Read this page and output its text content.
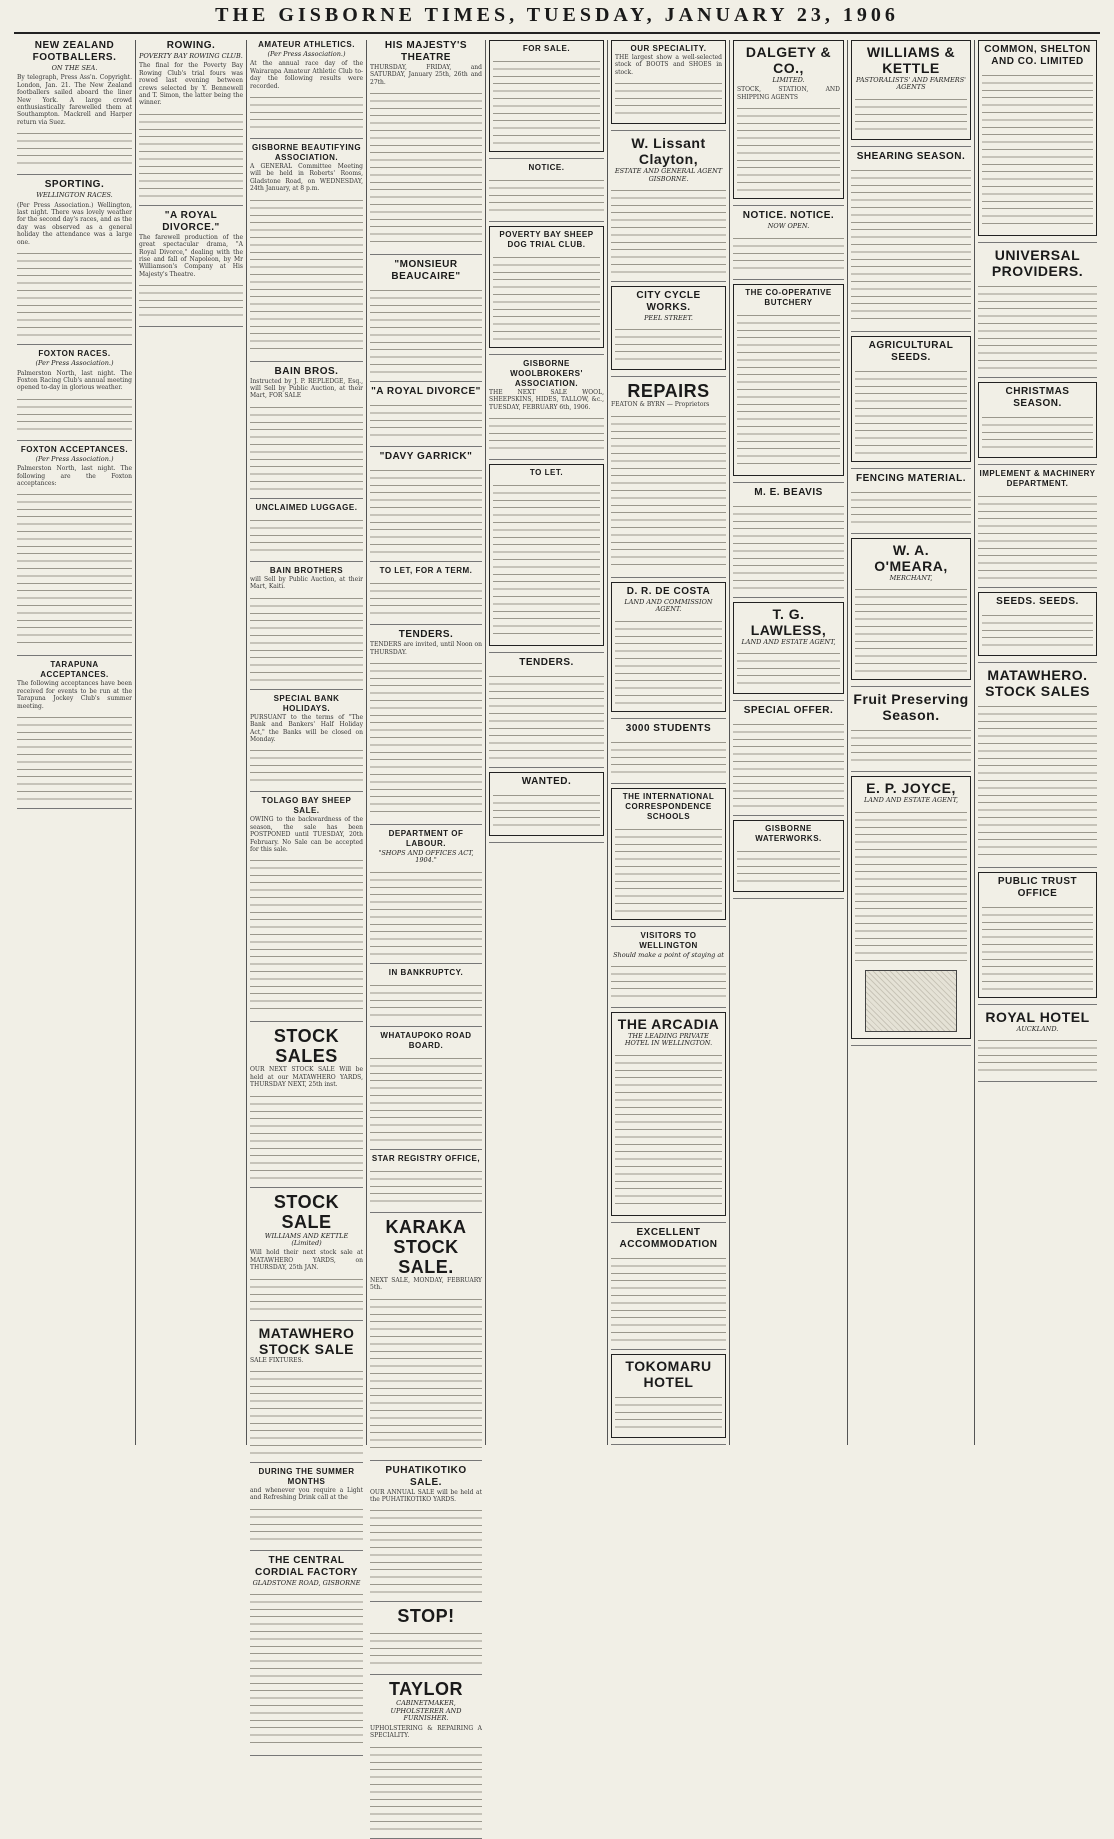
THE GISBORNE TIMES, TUESDAY, JANUARY 23, 1906
NEW ZEALAND FOOTBALLERS.
ON THE SEA.
By telegraph, Press Ass'n. Copyright. London, Jan. 21. The New Zealand footballers sailed aboard the liner New York. A large crowd enthusiastically farewelled them at Southampton. Mackrell and Harper return via Suez.
SPORTING.
WELLINGTON RACES.
(Per Press Association.) Wellington, last night. There was lovely weather for the second day's races, and as the day was observed as a general holiday the attendance was a large one.
FOXTON RACES.
(Per Press Association.)
Palmerston North, last night. The Foxton Racing Club's annual meeting opened to-day in glorious weather.
FOXTON ACCEPTANCES.
(Per Press Association.)
Palmerston North, last night. The following are the Foxton acceptances:
TARAPUNA ACCEPTANCES.
The following acceptances have been received for events to be run at the Tarapuna Jockey Club's summer meeting.
ROWING.
POVERTY BAY ROWING CLUB.
The final for the Poverty Bay Rowing Club's trial fours was rowed last evening between crews selected by Y. Bennewell and T. Simon, the latter being the winner.
"A ROYAL DIVORCE."
The farewell production of the great spectacular drama, "A Royal Divorce," dealing with the rise and fall of Napoleon, by Mr Williamson's Company at His Majesty's Theatre.
AMATEUR ATHLETICS.
(Per Press Association.)
At the annual race day of the Wairarapa Amateur Athletic Club to-day the following results were recorded.
GISBORNE BEAUTIFYING ASSOCIATION.
A GENERAL Committee Meeting will be held in Roberts' Rooms, Gladstone Road, on WEDNESDAY, 24th January, at 8 p.m.
BAIN BROS.
Instructed by J. P. REPLEDGE, Esq., will Sell by Public Auction, at their Mart, FOR SALE
UNCLAIMED LUGGAGE.
BAIN BROTHERS
will Sell by Public Auction, at their Mart, Kaiti.
SPECIAL BANK HOLIDAYS.
PURSUANT to the terms of "The Bank and Bankers' Half Holiday Act," the Banks will be closed on Monday.
TOLAGO BAY SHEEP SALE.
OWING to the backwardness of the season, the sale has been POSTPONED until TUESDAY, 20th February. No Sale can be accepted for this sale.
STOCK SALES
OUR NEXT STOCK SALE Will be held at our MATAWHERO YARDS, THURSDAY NEXT, 25th inst.
STOCK SALE
WILLIAMS AND KETTLE (Limited)
Will hold their next stock sale at MATAWHERO YARDS, on THURSDAY, 25th JAN.
MATAWHERO STOCK SALE
SALE FIXTURES.
DURING THE SUMMER MONTHS
and whenever you require a Light and Refreshing Drink call at the
THE CENTRAL CORDIAL FACTORY
GLADSTONE ROAD, GISBORNE
HIS MAJESTY'S THEATRE
THURSDAY, FRIDAY, and SATURDAY, January 25th, 26th and 27th.
"MONSIEUR BEAUCAIRE"
"A ROYAL DIVORCE"
"DAVY GARRICK"
TO LET, FOR A TERM.
TENDERS.
TENDERS are invited, until Noon on THURSDAY.
DEPARTMENT OF LABOUR.
"SHOPS AND OFFICES ACT, 1904."
IN BANKRUPTCY.
WHATAUPOKO ROAD BOARD.
STAR REGISTRY OFFICE,
KARAKA STOCK SALE.
NEXT SALE, MONDAY, FEBRUARY 5th.
PUHATIKOTIKO SALE.
OUR ANNUAL SALE will be held at the PUHATIKOTIKO YARDS.
STOP!
TAYLOR
CABINETMAKER, UPHOLSTERER AND FURNISHER.
UPHOLSTERING & REPAIRING A SPECIALITY.
FOR SALE.
NOTICE.
POVERTY BAY SHEEP DOG TRIAL CLUB.
GISBORNE WOOLBROKERS' ASSOCIATION.
THE NEXT SALE WOOL, SHEEPSKINS, HIDES, TALLOW, &c., TUESDAY, FEBRUARY 6th, 1906.
TO LET.
TENDERS.
WANTED.
OUR SPECIALITY.
THE largest show a well-selected stock of BOOTS and SHOES in stock.
W. Lissant Clayton,
ESTATE AND GENERAL AGENT GISBORNE.
CITY CYCLE WORKS.
PEEL STREET.
REPAIRS
FEATON & BYRN — Proprietors
D. R. DE COSTA
LAND AND COMMISSION AGENT.
3000 STUDENTS
THE INTERNATIONAL CORRESPONDENCE SCHOOLS
VISITORS TO WELLINGTON
Should make a point of staying at
THE ARCADIA
THE LEADING PRIVATE HOTEL IN WELLINGTON.
EXCELLENT ACCOMMODATION
TOKOMARU HOTEL
DALGETY & CO.,
LIMITED.
STOCK, STATION, AND SHIPPING AGENTS
NOTICE. NOTICE.
NOW OPEN.
THE CO-OPERATIVE BUTCHERY
M. E. BEAVIS
T. G. LAWLESS,
LAND AND ESTATE AGENT,
SPECIAL OFFER.
GISBORNE WATERWORKS.
WILLIAMS & KETTLE
PASTORALISTS' AND FARMERS' AGENTS
SHEARING SEASON.
AGRICULTURAL SEEDS.
FENCING MATERIAL.
W. A. O'MEARA,
MERCHANT,
Fruit Preserving Season.
E. P. JOYCE,
LAND AND ESTATE AGENT,
COMMON, SHELTON AND CO. LIMITED
UNIVERSAL PROVIDERS.
CHRISTMAS SEASON.
IMPLEMENT & MACHINERY DEPARTMENT.
SEEDS. SEEDS.
MATAWHERO. STOCK SALES
PUBLIC TRUST OFFICE
ROYAL HOTEL
AUCKLAND.
